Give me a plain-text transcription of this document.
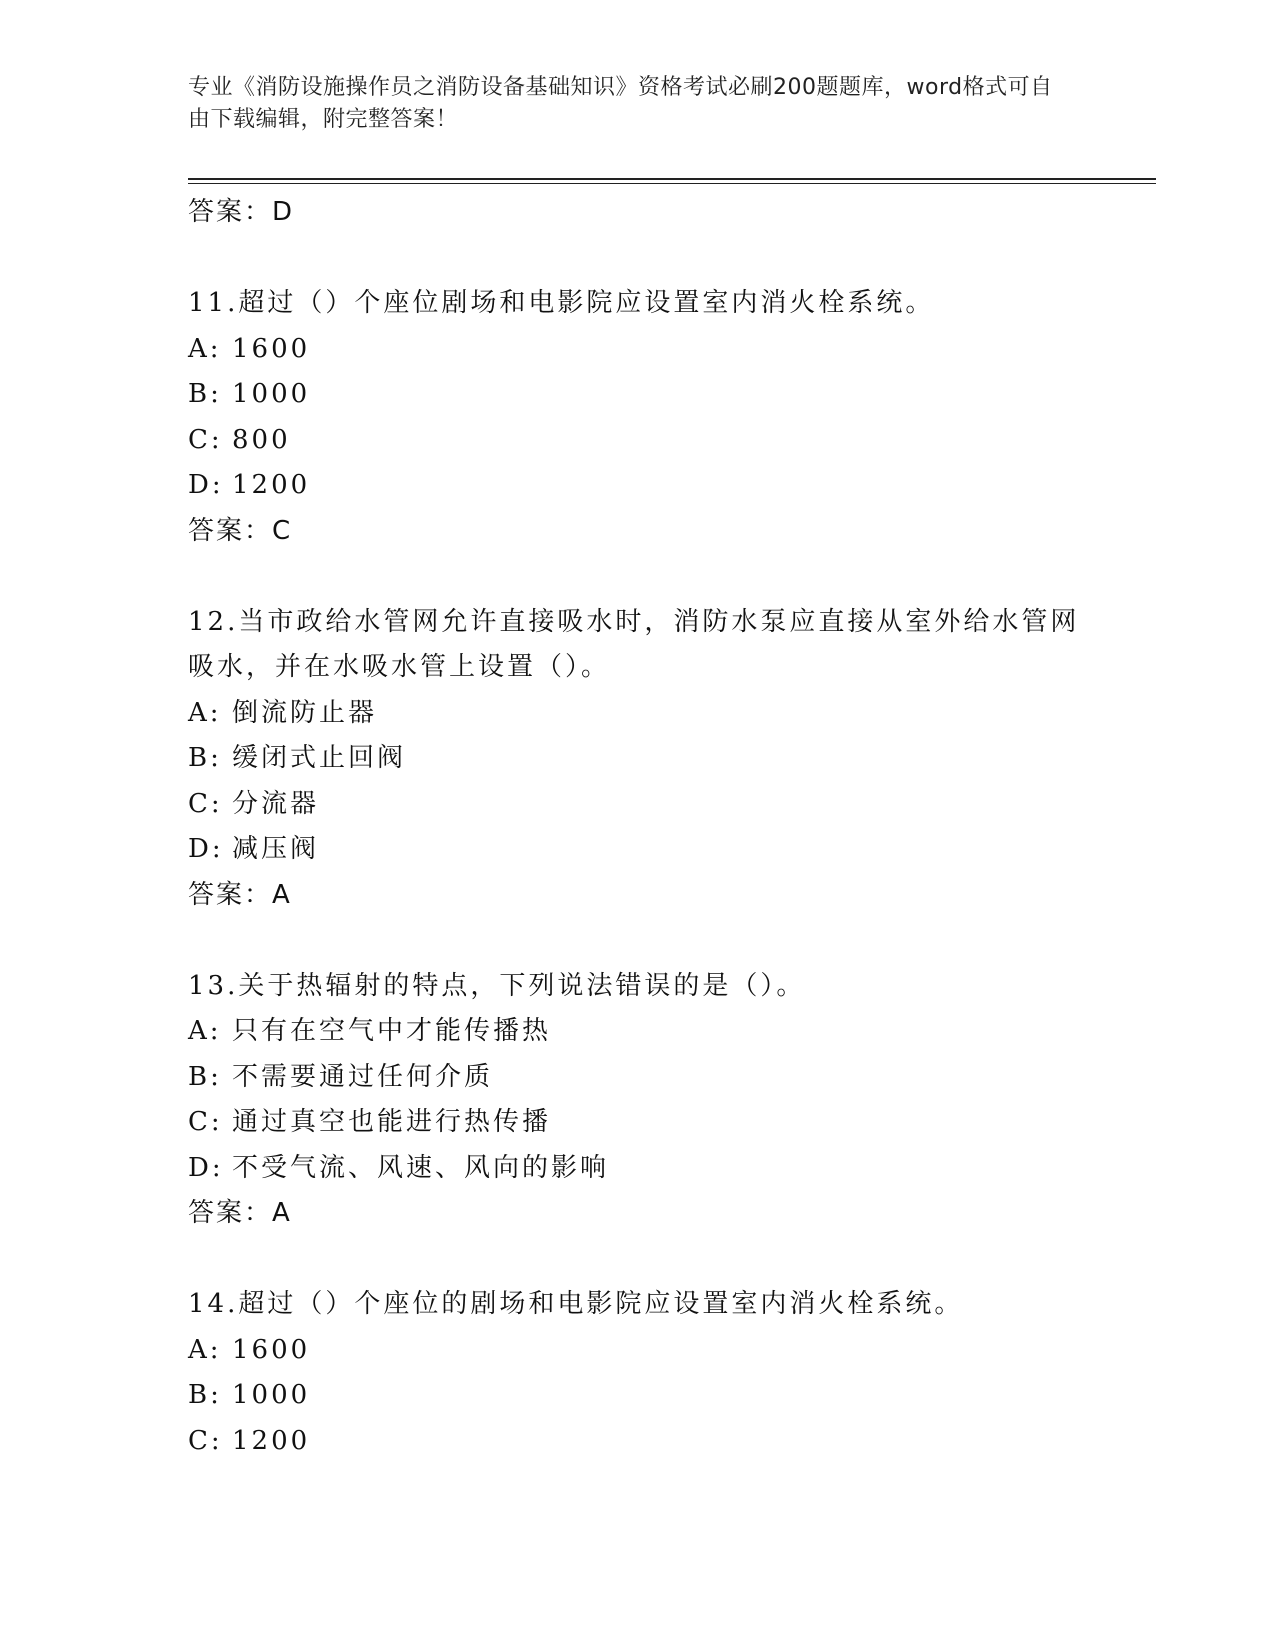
专业《消防设施操作员之消防设备基础知识》资格考试必刷200题题库，word格式可自由下载编辑，附完整答案！
答案：D
11.超过（）个座位剧场和电影院应设置室内消火栓系统。
A: 1600
B: 1000
C: 800
D: 1200
答案：C
12.当市政给水管网允许直接吸水时，消防水泵应直接从室外给水管网
吸水，并在水吸水管上设置（）。
A: 倒流防止器
B: 缓闭式止回阀
C: 分流器
D: 减压阀
答案：A
13.关于热辐射的特点，下列说法错误的是（）。
A: 只有在空气中才能传播热
B: 不需要通过任何介质
C: 通过真空也能进行热传播
D: 不受气流、风速、风向的影响
答案：A
14.超过（）个座位的剧场和电影院应设置室内消火栓系统。
A: 1600
B: 1000
C: 1200
